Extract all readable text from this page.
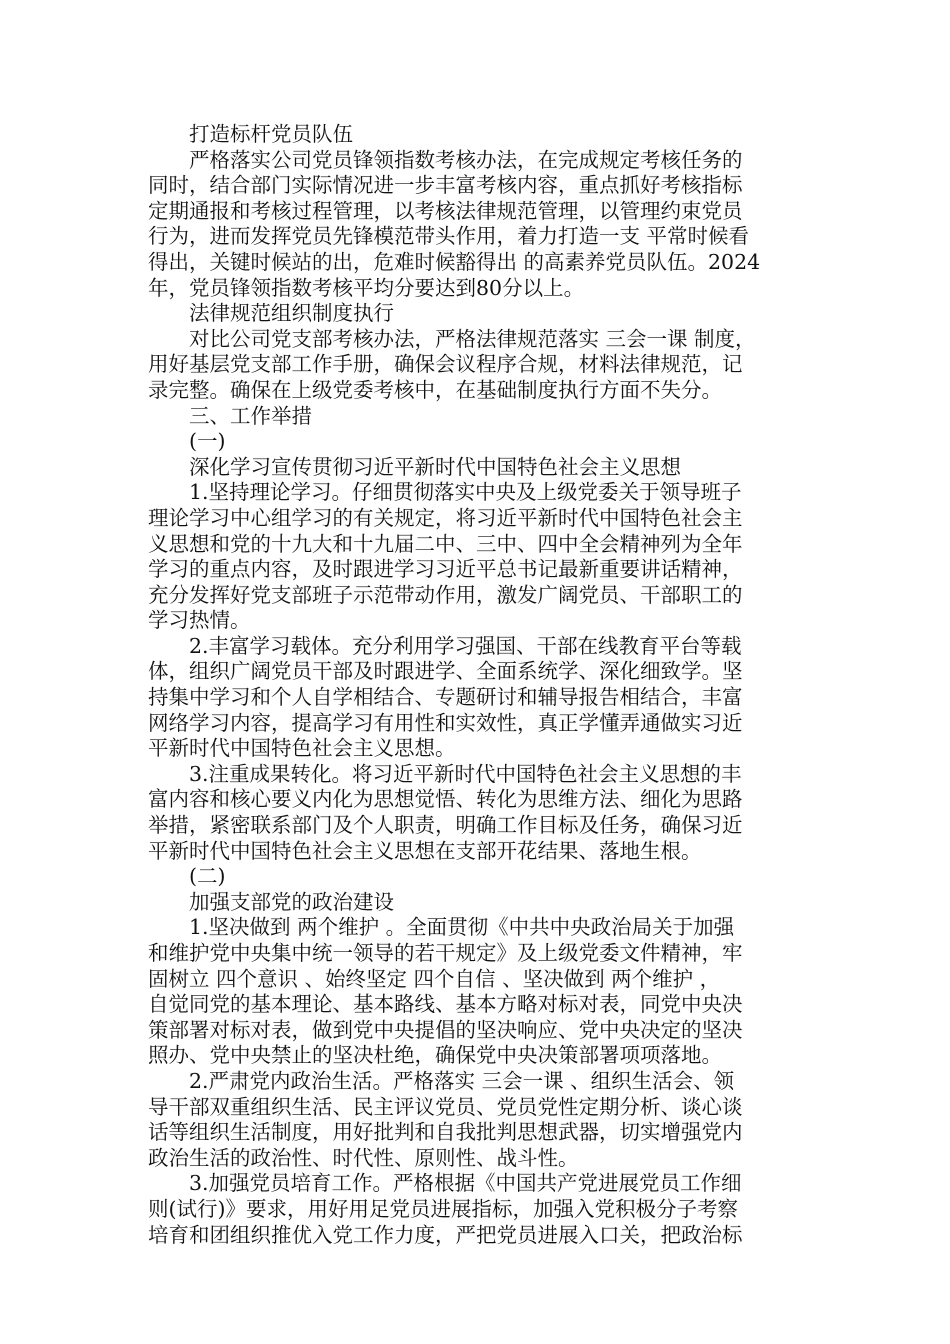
打造标杆党员队伍
严格落实公司党员锋领指数考核办法，在完成规定考核任务的
同时，结合部门实际情况进一步丰富考核内容，重点抓好考核指标
定期通报和考核过程管理，以考核法律规范管理，以管理约束党员
行为，进而发挥党员先锋模范带头作用，着力打造一支 平常时候看
得出，关键时候站的出，危难时候豁得出 的高素养党员队伍。2024
年，党员锋领指数考核平均分要达到80分以上。
法律规范组织制度执行
对比公司党支部考核办法，严格法律规范落实 三会一课 制度，
用好基层党支部工作手册，确保会议程序合规，材料法律规范，记
录完整。确保在上级党委考核中，在基础制度执行方面不失分。
三、工作举措
(一)
深化学习宣传贯彻习近平新时代中国特色社会主义思想
1.坚持理论学习。仔细贯彻落实中央及上级党委关于领导班子
理论学习中心组学习的有关规定，将习近平新时代中国特色社会主
义思想和党的十九大和十九届二中、三中、四中全会精神列为全年
学习的重点内容，及时跟进学习习近平总书记最新重要讲话精神，
充分发挥好党支部班子示范带动作用，激发广阔党员、干部职工的
学习热情。
2.丰富学习载体。充分利用学习强国、干部在线教育平台等载
体，组织广阔党员干部及时跟进学、全面系统学、深化细致学。坚
持集中学习和个人自学相结合、专题研讨和辅导报告相结合，丰富
网络学习内容，提高学习有用性和实效性，真正学懂弄通做实习近
平新时代中国特色社会主义思想。
3.注重成果转化。将习近平新时代中国特色社会主义思想的丰
富内容和核心要义内化为思想觉悟、转化为思维方法、细化为思路
举措，紧密联系部门及个人职责，明确工作目标及任务，确保习近
平新时代中国特色社会主义思想在支部开花结果、落地生根。
(二)
加强支部党的政治建设
1.坚决做到 两个维护 。全面贯彻《中共中央政治局关于加强
和维护党中央集中统一领导的若干规定》及上级党委文件精神，牢
固树立 四个意识 、始终坚定 四个自信 、坚决做到 两个维护 ，
自觉同党的基本理论、基本路线、基本方略对标对表，同党中央决
策部署对标对表，做到党中央提倡的坚决响应、党中央决定的坚决
照办、党中央禁止的坚决杜绝，确保党中央决策部署项项落地。
2.严肃党内政治生活。严格落实 三会一课 、组织生活会、领
导干部双重组织生活、民主评议党员、党员党性定期分析、谈心谈
话等组织生活制度，用好批判和自我批判思想武器，切实增强党内
政治生活的政治性、时代性、原则性、战斗性。
3.加强党员培育工作。严格根据《中国共产党进展党员工作细
则(试行)》要求，用好用足党员进展指标，加强入党积极分子考察
培育和团组织推优入党工作力度，严把党员进展入口关，把政治标
